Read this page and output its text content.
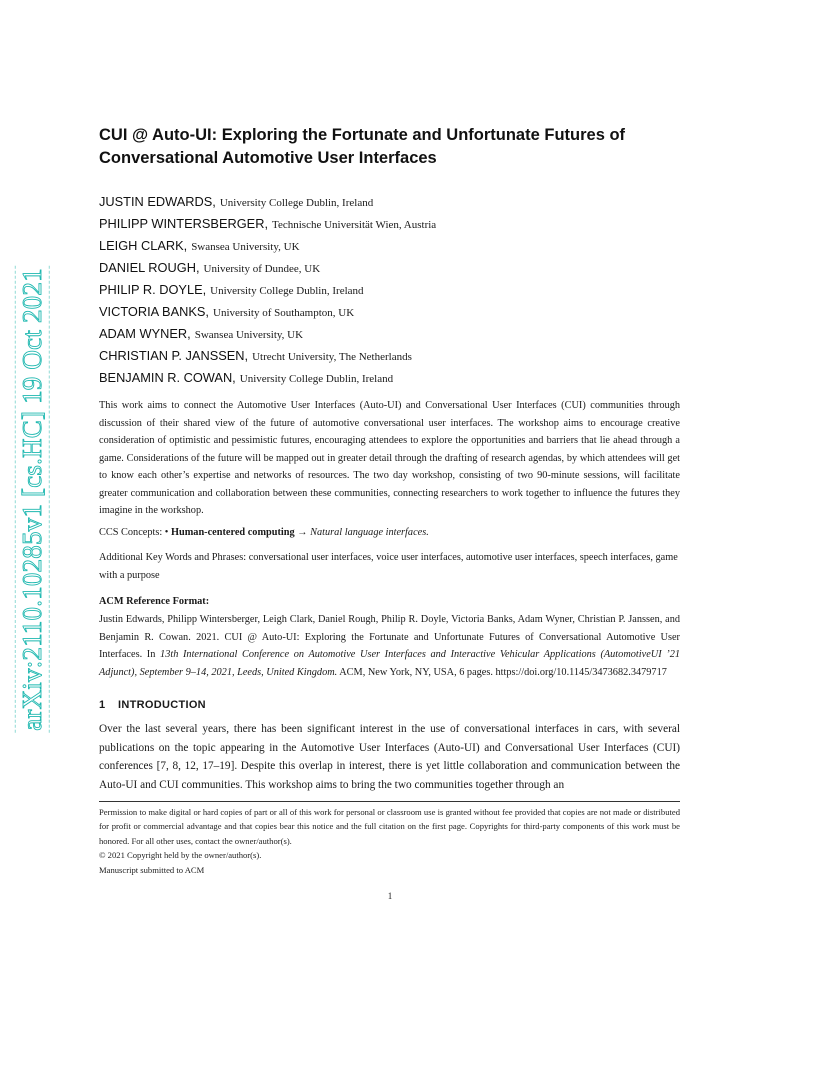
arXiv:2110.10285v1 [cs.HC] 19 Oct 2021
CUI @ Auto-UI: Exploring the Fortunate and Unfortunate Futures of
Conversational Automotive User Interfaces
JUSTIN EDWARDS, University College Dublin, Ireland
PHILIPP WINTERSBERGER, Technische Universität Wien, Austria
LEIGH CLARK, Swansea University, UK
DANIEL ROUGH, University of Dundee, UK
PHILIP R. DOYLE, University College Dublin, Ireland
VICTORIA BANKS, University of Southampton, UK
ADAM WYNER, Swansea University, UK
CHRISTIAN P. JANSSEN, Utrecht University, The Netherlands
BENJAMIN R. COWAN, University College Dublin, Ireland

This work aims to connect the Automotive User Interfaces (Auto-UI) and Conversational User Interfaces (CUI) communities through discussion of their shared view of the future of automotive conversational user interfaces. The workshop aims to encourage creative consideration of optimistic and pessimistic futures, encouraging attendees to explore the opportunities and barriers that lie ahead through a game. Considerations of the future will be mapped out in greater detail through the drafting of research agendas, by which attendees will get to know each other’s expertise and networks of resources. The two day workshop, consisting of two 90-minute sessions, will facilitate greater communication and collaboration between these communities, connecting researchers to work together to influence the futures they imagine in the workshop.

CCS Concepts: • Human-centered computing → Natural language interfaces.

Additional Key Words and Phrases: conversational user interfaces, voice user interfaces, automotive user interfaces, speech interfaces, game with a purpose

ACM Reference Format:

Justin Edwards, Philipp Wintersberger, Leigh Clark, Daniel Rough, Philip R. Doyle, Victoria Banks, Adam Wyner, Christian P. Janssen, and Benjamin R. Cowan. 2021. CUI @ Auto-UI: Exploring the Fortunate and Unfortunate Futures of Conversational Automotive User Interfaces. In 13th International Conference on Automotive User Interfaces and Interactive Vehicular Applications (AutomotiveUI ’21 Adjunct), September 9–14, 2021, Leeds, United Kingdom. ACM, New York, NY, USA, 6 pages. https://doi.org/10.1145/3473682.3479717

1 INTRODUCTION

Over the last several years, there has been significant interest in the use of conversational interfaces in cars, with several publications on the topic appearing in the Automotive User Interfaces (Auto-UI) and Conversational User Interfaces (CUI) conferences [7, 8, 12, 17–19]. Despite this overlap in interest, there is yet little collaboration and communication between the Auto-UI and CUI communities. This workshop aims to bring the two communities together through an

Permission to make digital or hard copies of part or all of this work for personal or classroom use is granted without fee provided that copies are not made or distributed for profit or commercial advantage and that copies bear this notice and the full citation on the first page. Copyrights for third-party components of this work must be honored. For all other uses, contact the owner/author(s).

© 2021 Copyright held by the owner/author(s).

Manuscript submitted to ACM

1
